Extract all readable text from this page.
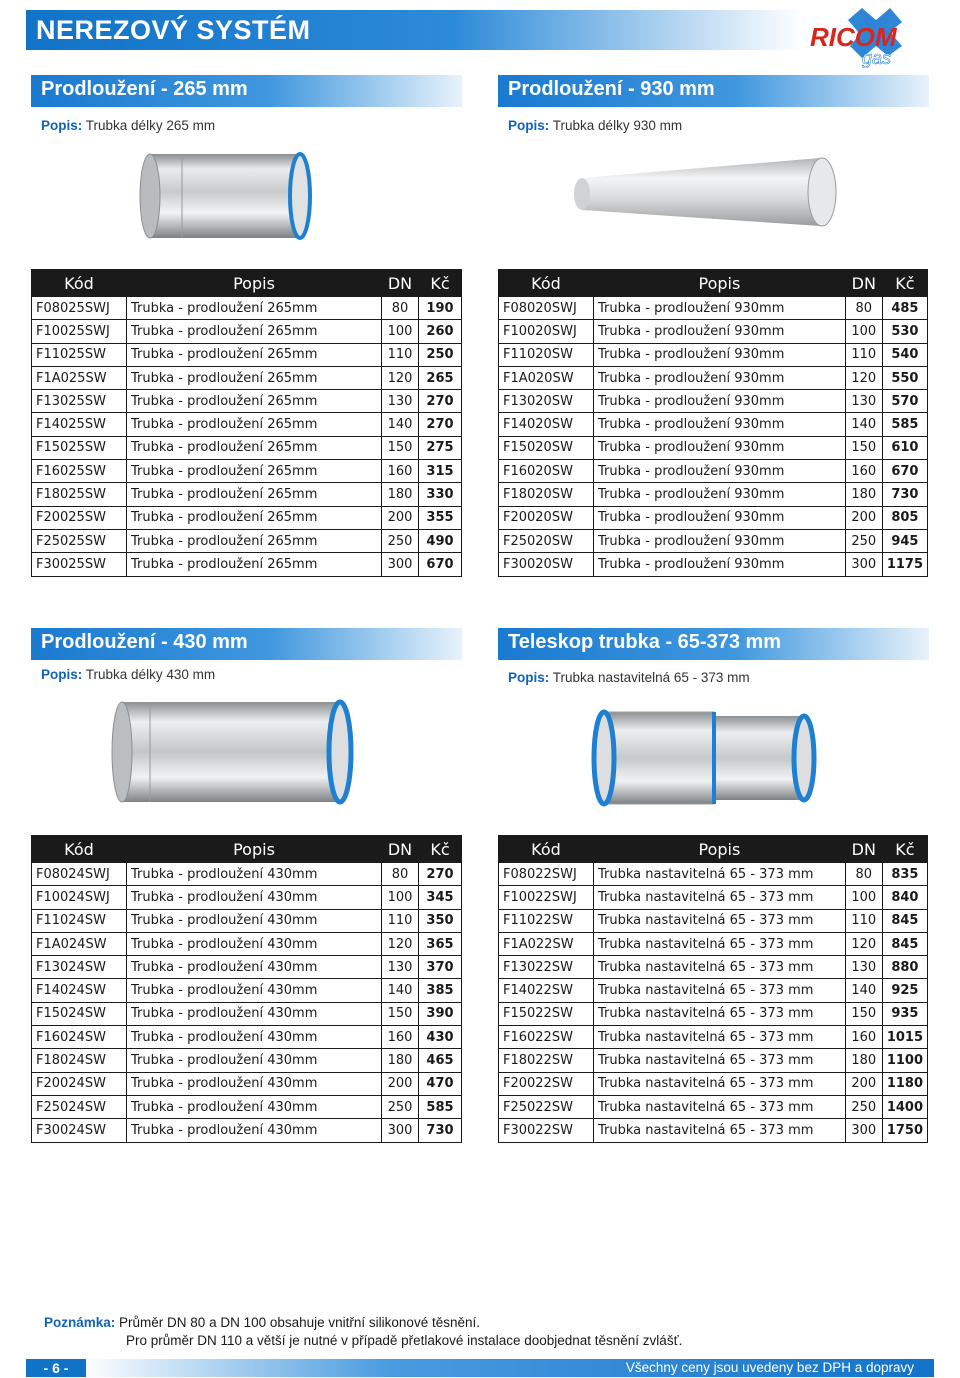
NEREZOVÝ SYSTÉM	RICOM
gas
Prodloužení - 265 mm
Popis: Trubka délky 265 mm
Kód	Popis	DN	Kč
F08025SWJ	Trubka - prodloužení 265mm	80	190
F10025SWJ	Trubka - prodloužení 265mm	100	260
F11025SW	Trubka - prodloužení 265mm	110	250
F1A025SW	Trubka - prodloužení 265mm	120	265
F13025SW	Trubka - prodloužení 265mm	130	270
F14025SW	Trubka - prodloužení 265mm	140	270
F15025SW	Trubka - prodloužení 265mm	150	275
F16025SW	Trubka - prodloužení 265mm	160	315
F18025SW	Trubka - prodloužení 265mm	180	330
F20025SW	Trubka - prodloužení 265mm	200	355
F25025SW	Trubka - prodloužení 265mm	250	490
F30025SW	Trubka - prodloužení 265mm	300	670
Prodloužení - 930 mm
Popis: Trubka délky 930 mm
Kód	Popis	DN	Kč
F08020SWJ	Trubka - prodloužení 930mm	80	485
F10020SWJ	Trubka - prodloužení 930mm	100	530
F11020SW	Trubka - prodloužení 930mm	110	540
F1A020SW	Trubka - prodloužení 930mm	120	550
F13020SW	Trubka - prodloužení 930mm	130	570
F14020SW	Trubka - prodloužení 930mm	140	585
F15020SW	Trubka - prodloužení 930mm	150	610
F16020SW	Trubka - prodloužení 930mm	160	670
F18020SW	Trubka - prodloužení 930mm	180	730
F20020SW	Trubka - prodloužení 930mm	200	805
F25020SW	Trubka - prodloužení 930mm	250	945
F30020SW	Trubka - prodloužení 930mm	300	1175
Prodloužení - 430 mm
Popis: Trubka délky 430 mm
Kód	Popis	DN	Kč
F08024SWJ	Trubka - prodloužení 430mm	80	270
F10024SWJ	Trubka - prodloužení 430mm	100	345
F11024SW	Trubka - prodloužení 430mm	110	350
F1A024SW	Trubka - prodloužení 430mm	120	365
F13024SW	Trubka - prodloužení 430mm	130	370
F14024SW	Trubka - prodloužení 430mm	140	385
F15024SW	Trubka - prodloužení 430mm	150	390
F16024SW	Trubka - prodloužení 430mm	160	430
F18024SW	Trubka - prodloužení 430mm	180	465
F20024SW	Trubka - prodloužení 430mm	200	470
F25024SW	Trubka - prodloužení 430mm	250	585
F30024SW	Trubka - prodloužení 430mm	300	730
Teleskop trubka - 65-373 mm
Popis: Trubka nastavitelná 65 - 373 mm
Kód	Popis	DN	Kč
F08022SWJ	Trubka nastavitelná 65 - 373 mm	80	835
F10022SWJ	Trubka nastavitelná 65 - 373 mm	100	840
F11022SW	Trubka nastavitelná 65 - 373 mm	110	845
F1A022SW	Trubka nastavitelná 65 - 373 mm	120	845
F13022SW	Trubka nastavitelná 65 - 373 mm	130	880
F14022SW	Trubka nastavitelná 65 - 373 mm	140	925
F15022SW	Trubka nastavitelná 65 - 373 mm	150	935
F16022SW	Trubka nastavitelná 65 - 373 mm	160	1015
F18022SW	Trubka nastavitelná 65 - 373 mm	180	1100
F20022SW	Trubka nastavitelná 65 - 373 mm	200	1180
F25022SW	Trubka nastavitelná 65 - 373 mm	250	1400
F30022SW	Trubka nastavitelná 65 - 373 mm	300	1750
Poznámka: Průměr DN 80 a DN 100 obsahuje vnitřní silikonové těsnění.
Pro průměr DN 110 a větší je nutné v případě přetlakové instalace doobjednat těsnění zvlášť.
- 6 -	Všechny ceny jsou uvedeny bez DPH a dopravy
